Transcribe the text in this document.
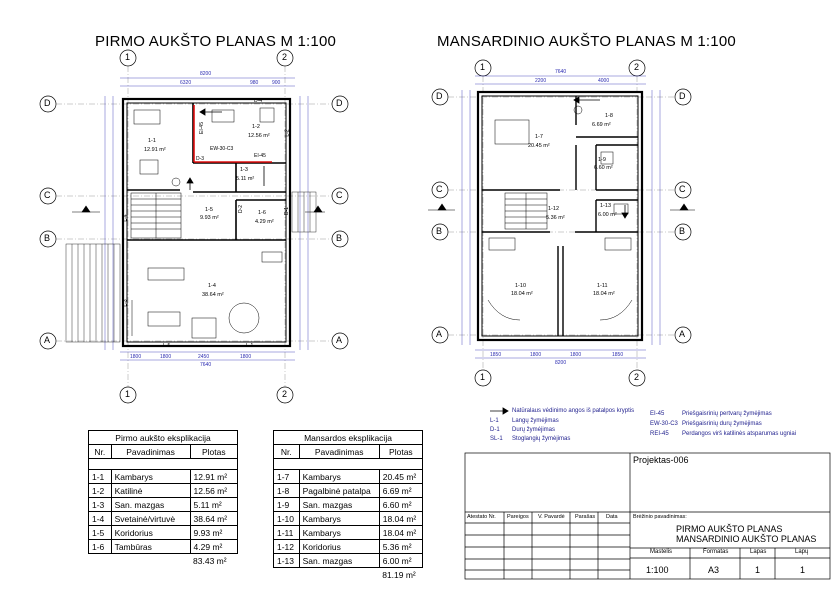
PIRMO AUKŠTO PLANAS M 1:100	MANSARDINIO AUKŠTO PLANAS M 1:100
1	2
1	2
D	D
C	C
B	B
A	A
1	2
1	2
D	D
C	C
B	B
A	A
8200
6320	980	900
1800	1800	2450	1800
7640
1-1
12.91 m²
1-2
12.56 m²
1-3
5.11 m²
1-4
38.64 m²
1-5
9.93 m²
1-6
4.29 m²
EW-30-C3
EI-45
EI-45
D-4
D-3
D-2	D-1
L-1
L-2
L-3
L-4
L-5
7640
2200	4000
1850	1800	1800	1850
8200
1-7
20.45 m²
1-8
6.69 m²
1-9
6.60 m²
1-10
18.04 m²
1-11
18.04 m²
1-12
5.36 m²
1-13
6.00 m²
Pirmo aukšto eksplikacija		
Nr.	Pavadinimas	Plotas

1-1	Kambarys	12.91 m²
1-2	Katilinė	12.56 m²
1-3	San. mazgas	5.11 m²
1-4	Svetainė/virtuvė	38.64 m²
1-5	Koridorius	9.93 m²
1-6	Tambūras	4.29 m²
		83.43 m²
Mansardos eksplikacija		
Nr.	Pavadinimas	Plotas

1-7	Kambarys	20.45 m²
1-8	Pagalbinė patalpa	6.69 m²
1-9	San. mazgas	6.60 m²
1-10	Kambarys	18.04 m²
1-11	Kambarys	18.04 m²
1-12	Koridorius	5.36 m²
1-13	San. mazgas	6.00 m²
		81.19 m²
Natūralaus vėdinimo angos iš patalpos kryptis
L-1 Langų žymėjimas
D-1 Durų žymėjimas
SL-1 Stoglangių žymėjimas
EI-45	Priešgaisrinių pertvarų žymėjimas
EW-30-C3 Priešgaisrinių durų žymėjimas
REI-45 Perdangos virš katilinės atsparumas ugniai
Projektas-006
Atestato Nr. Pareigos V. Pavardė Parašas Data	Brėžinio pavadinimas:
PIRMO AUKŠTO PLANAS
MANSARDINIO AUKŠTO PLANAS
Mastelis	Formatas	Lapas	Lapų
1:100	A3	1	1
